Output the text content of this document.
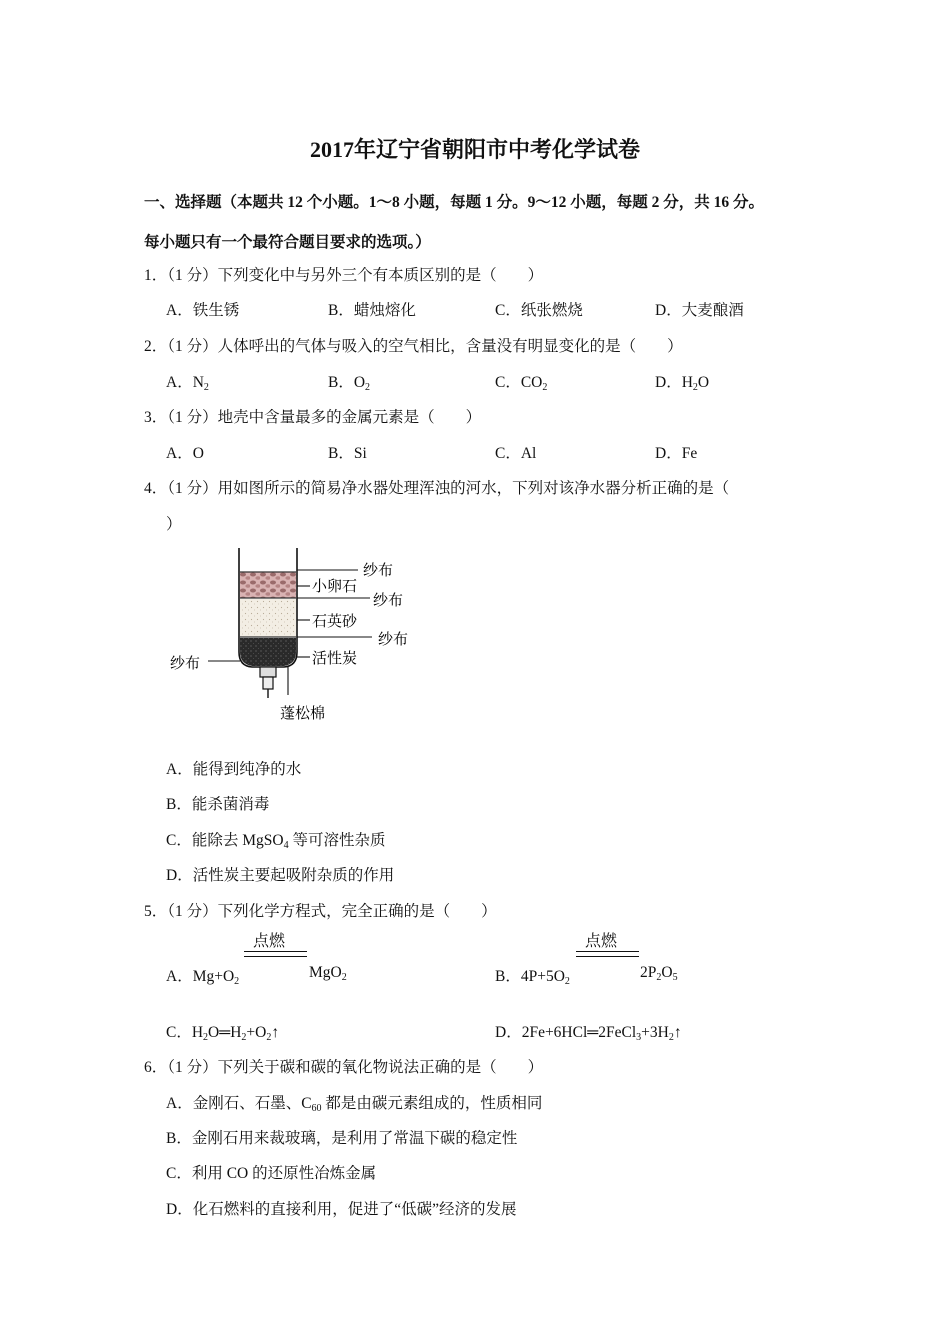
2017年辽宁省朝阳市中考化学试卷
一、选择题（本题共 12 个小题。1～8 小题，每题 1 分。9～12 小题，每题 2 分，共 16 分。
每小题只有一个最符合题目要求的选项。）
1．（1 分）下列变化中与另外三个有本质区别的是（　　）
A．铁生锈	B．蜡烛熔化	C．纸张燃烧	D．大麦酿酒
2．（1 分）人体呼出的气体与吸入的空气相比，含量没有明显变化的是（　　）
A．$N_2$	B．$O_2$	C．$CO_2$	D．$H_2O$
3．（1 分）地壳中含量最多的金属元素是（　　）
A．O	B．Si	C．Al	D．Fe
4．（1 分）用如图所示的简易净水器处理浑浊的河水，下列对该净水器分析正确的是（
）
纱布
小卵石
纱布
石英砂
纱布
活性炭
纱布
蓬松棉
A．能得到纯净的水
B．能杀菌消毒
C．能除去 MgSO$_4$ 等可溶性杂质
D．活性炭主要起吸附杂质的作用
5．（1 分）下列化学方程式，完全正确的是（　　）
点燃
A．$Mg+O_2$
MgO$_2$
点燃
B．$4P+5O_2$
$2P_2O_5$
C．$H_2O═H_2+O_2↑$	D．$2Fe+6HCl═2FeCl_3+3H_2↑$
6．（1 分）下列关于碳和碳的氧化物说法正确的是（　　）
A．金刚石、石墨、$C_{60}$ 都是由碳元素组成的，性质相同
B．金刚石用来裁玻璃，是利用了常温下碳的稳定性
C．利用 CO 的还原性冶炼金属
D．化石燃料的直接利用，促进了“低碳”经济的发展
